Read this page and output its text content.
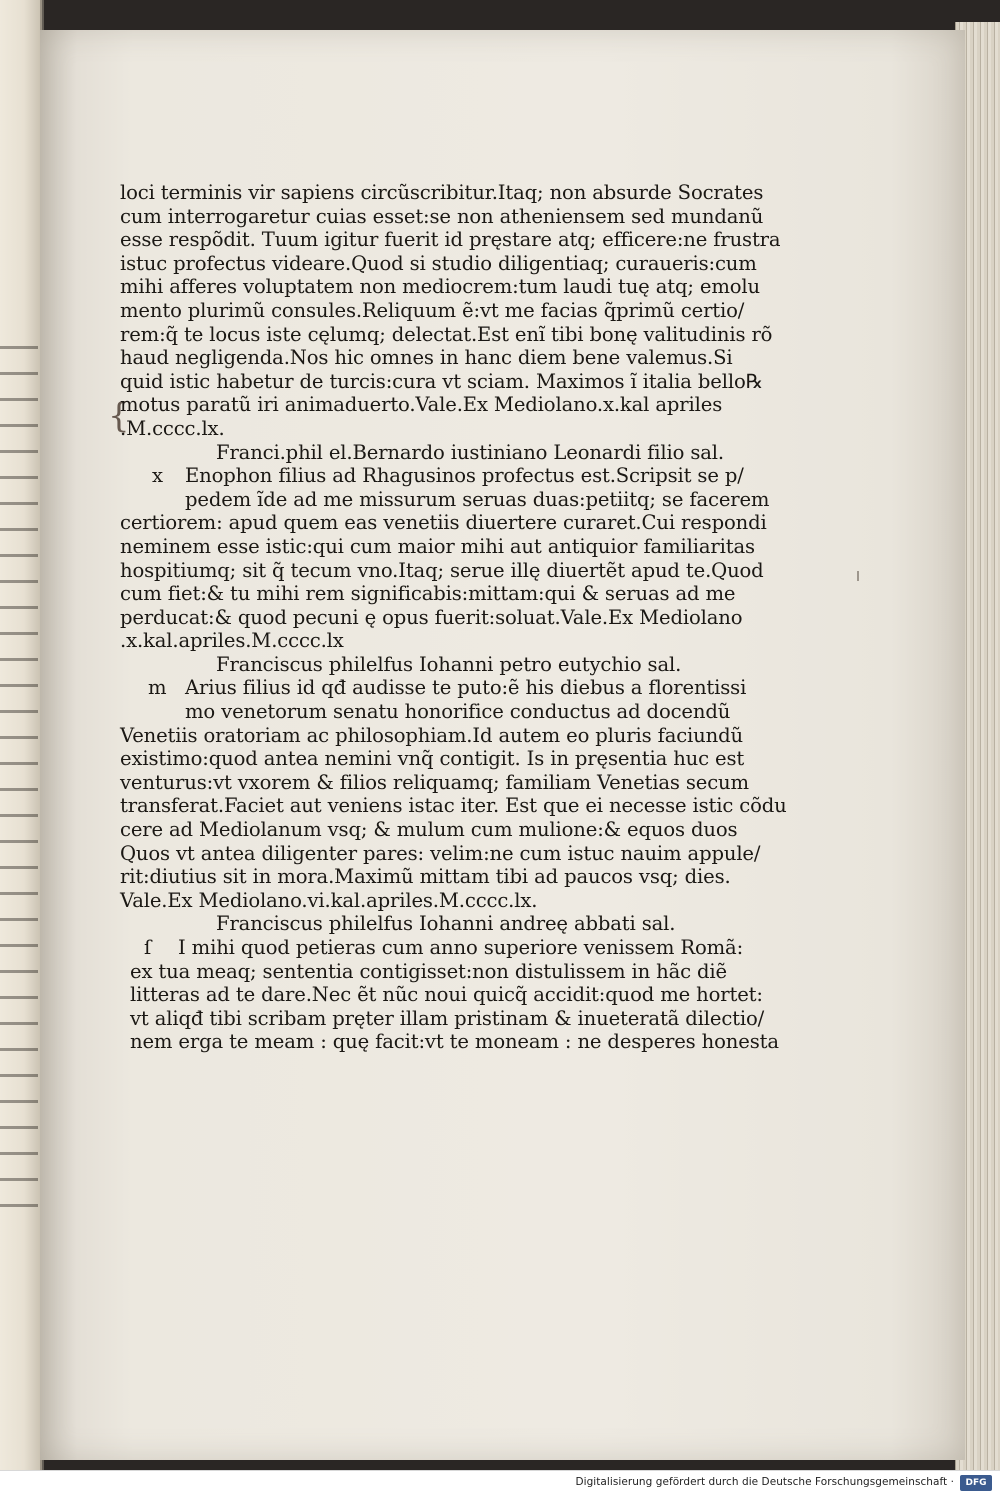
{
loci terminis vir sapiens circũscribitur.Itaq; non absurde Socrates
cum interrogaretur cuias esset:se non atheniensem sed mundanũ
esse respõdit. Tuum igitur fuerit id pręstare atq; efficere:ne frustra
istuc profectus videare.Quod si studio diligentiaq; curaueris:cum
mihi afferes voluptatem non mediocrem:tum laudi tuę atq; emolu
mento plurimũ consules.Reliquum ẽ:vt me facias q̃primũ certio/
rem:q̃ te locus iste cęlumq; delectat.Est enĩ tibi bonę valitudinis rõ
haud negligenda.Nos hic omnes in hanc diem bene valemus.Si
quid istic habetur de turcis:cura vt sciam. Maximos ĩ italia bello℞
motus paratũ iri animaduerto.Vale.Ex Mediolano.x.kal apriles
.M.cccc.lx.
Franci.phil el.Bernardo iustiniano Leonardi filio sal.
x	Enophon filius ad Rhagusinos profectus est.Scripsit se p/
pedem ĩde ad me missurum seruas duas:petiitq; se facerem
certiorem: apud quem eas venetiis diuertere curaret.Cui respondi
neminem esse istic:qui cum maior mihi aut antiquior familiaritas
hospitiumq; sit q̃ tecum vno.Itaq; serue illę diuertẽt apud te.Quod
cum fiet:& tu mihi rem significabis:mittam:qui & seruas ad me
perducat:& quod pecuni ę opus fuerit:soluat.Vale.Ex Mediolano
.x.kal.apriles.M.cccc.lx
Franciscus philelfus Iohanni petro eutychio sal.
m Arius filius id qđ audisse te puto:ẽ his diebus a florentissi
mo venetorum senatu honorifice conductus ad docendũ
Venetiis oratoriam ac philosophiam.Id autem eo pluris faciundũ
existimo:quod antea nemini vnq̃ contigit. Is in pręsentia huc est
venturus:vt vxorem & filios reliquamq; familiam Venetias secum
transferat.Faciet aut veniens istac iter. Est que ei necesse istic cõdu
cere ad Mediolanum vsq; & mulum cum mulione:& equos duos
Quos vt antea diligenter pares: velim:ne cum istuc nauim appule/
rit:diutius sit in mora.Maximũ mittam tibi ad paucos vsq; dies.
Vale.Ex Mediolano.vi.kal.apriles.M.cccc.lx.
Franciscus philelfus Iohanni andreę abbati sal.
ſ	I mihi quod petieras cum anno superiore venissem Romã:
ex tua meaq; sententia contigisset:non distulissem in hãc diẽ
litteras ad te dare.Nec ẽt nũc noui quicq̃ accidit:quod me hortet:
vt aliqđ tibi scribam pręter illam pristinam & inueteratã dilectio/
nem erga te meam : quę facit:vt te moneam : ne desperes honesta
Digitalisierung gefördert durch die Deutsche Forschungsgemeinschaft ·	DFG
